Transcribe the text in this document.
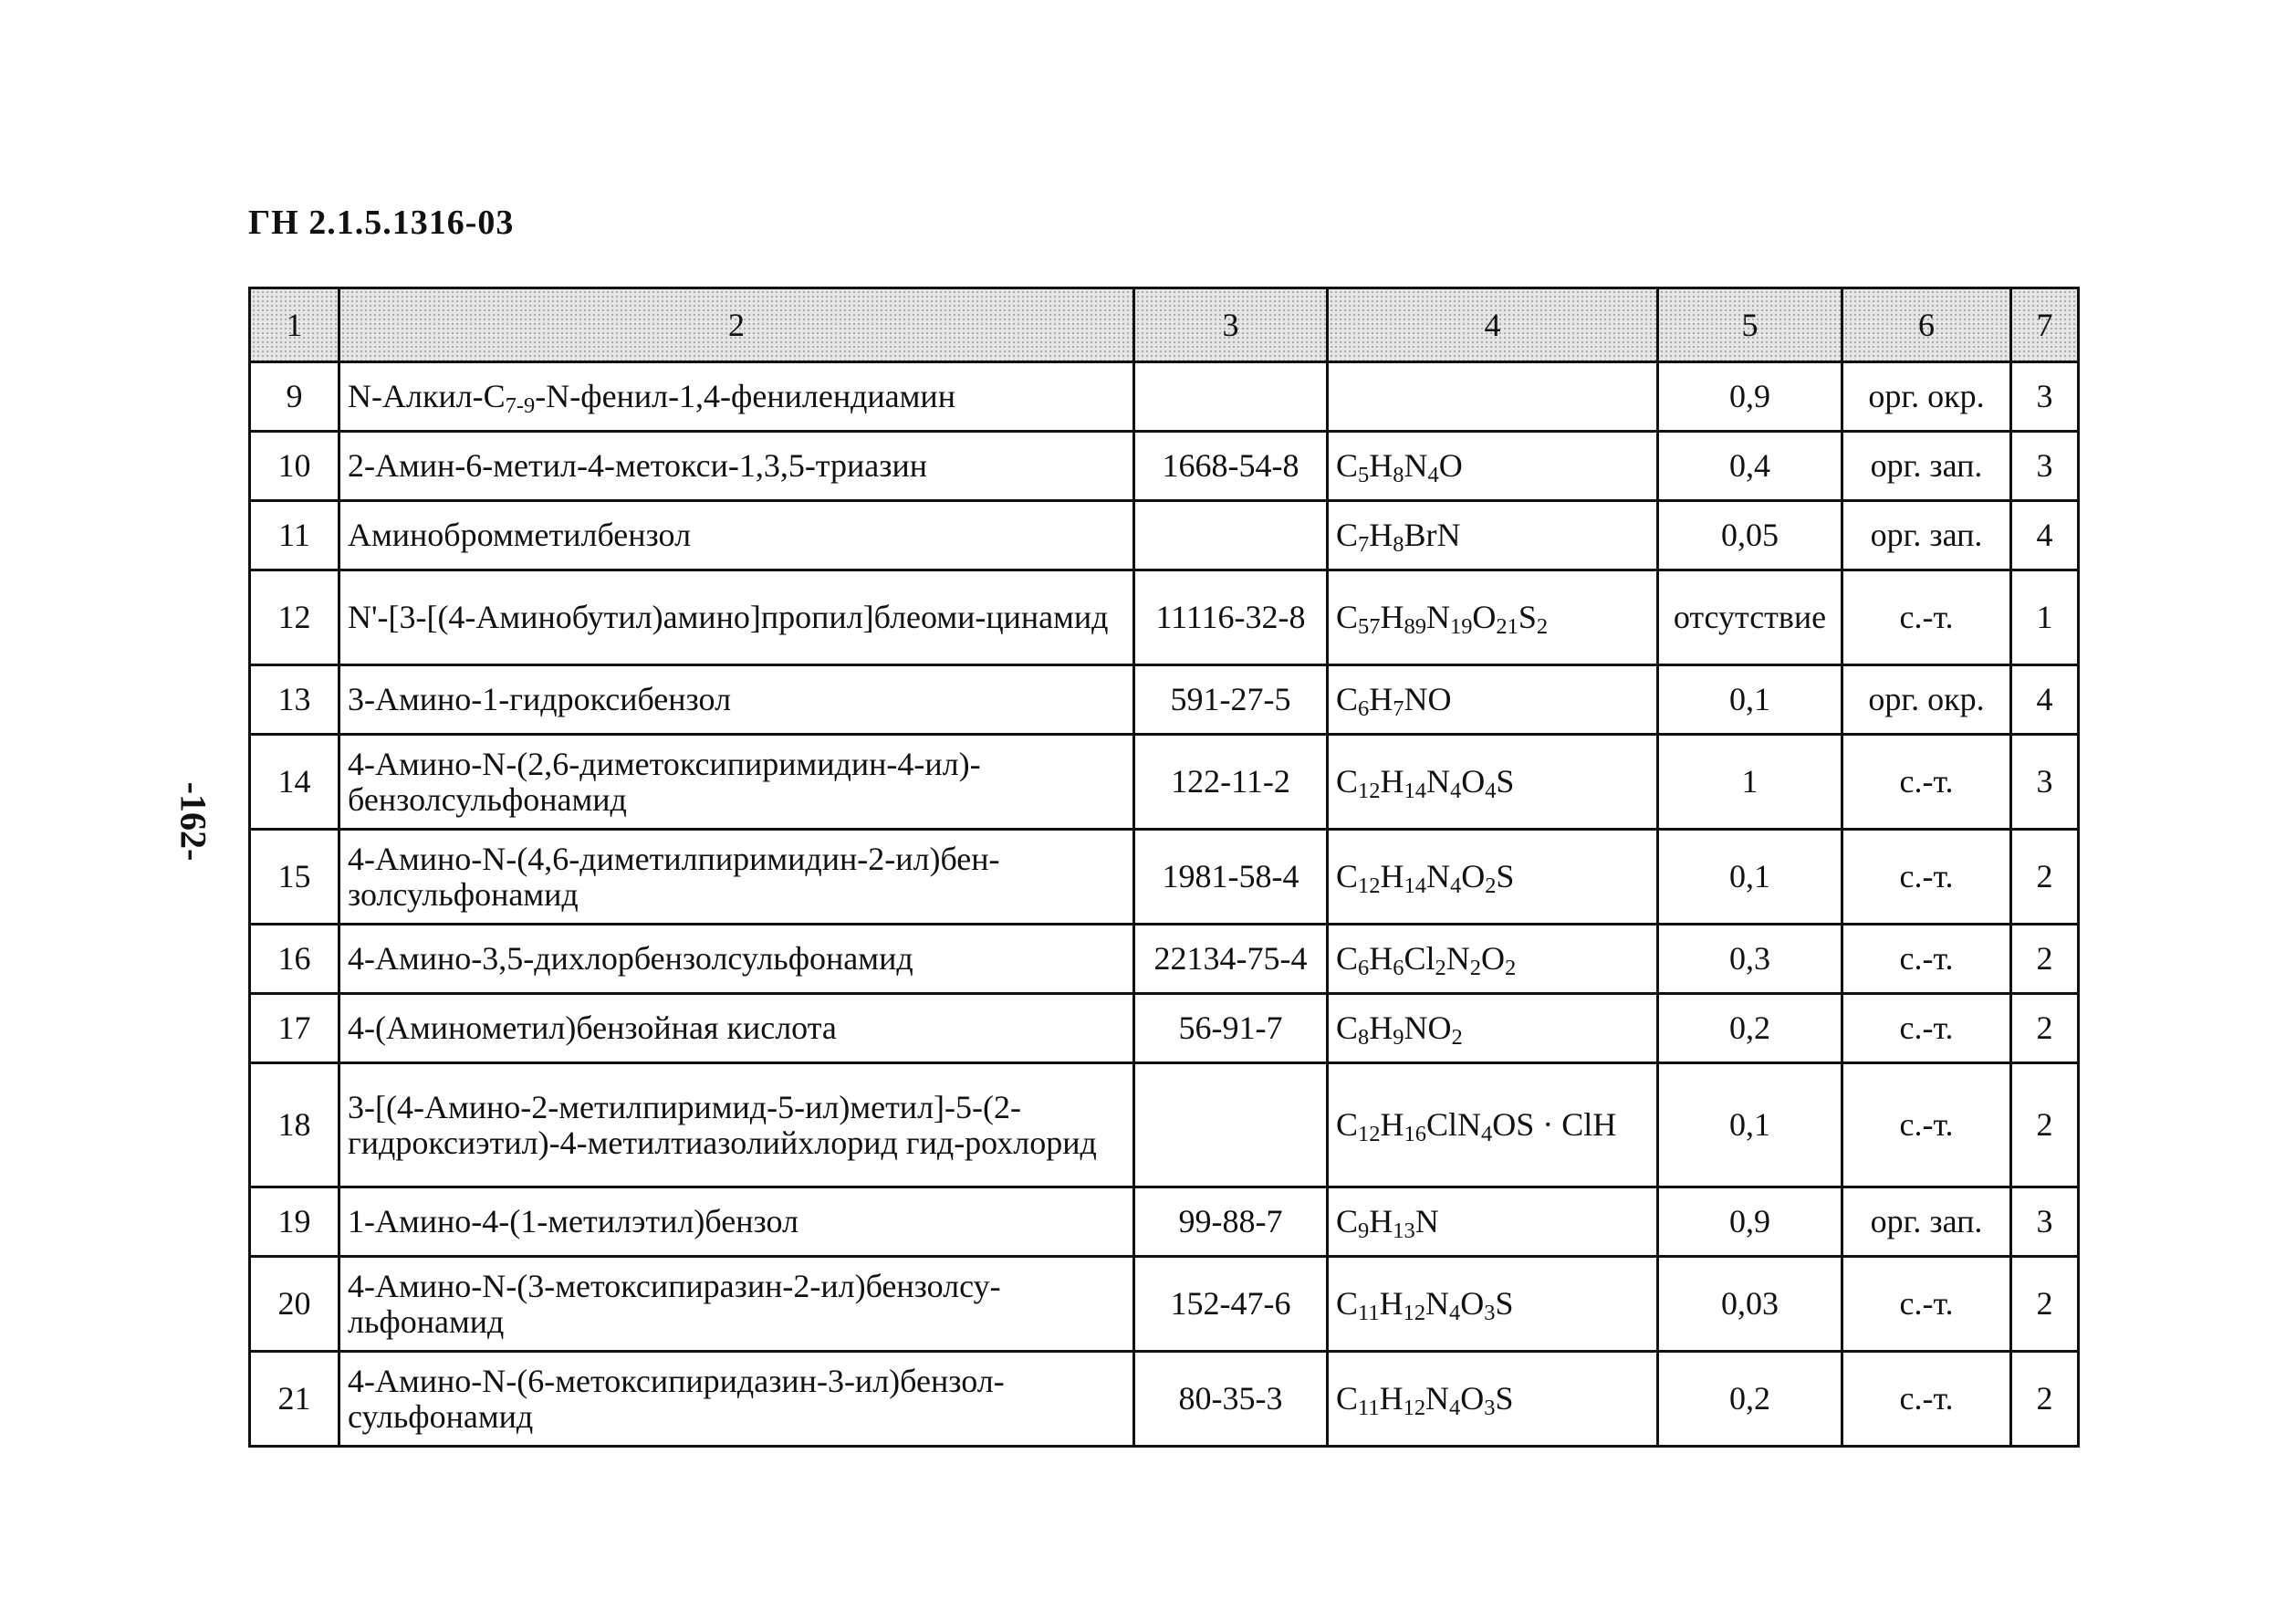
ГН 2.1.5.1316-03
-162-
1	2	3	4	5	6	7
9	$N-Алкил-C_{7-9}-N-фенил-1,4$-фенилендиамин			0,9	орг. окр.	3
10	2-Амин-6-метил-4-метокси-1,3,5-триазин	1668-54-8	$C_5H_8N_4O$	0,4	орг. зап.	3
11	Аминобромметилбензол		$C_7H_8BrN$	0,05	орг. зап.	4
12	N'-[3-[(4-Аминобутил)амино]пропил]блеоми-цинамид	11116-32-8	$C_{57}H_{89}N_{19}O_{21}S_2$	отсутствие	с.-т.	1
13	3-Амино-1-гидроксибензол	591-27-5	$C_6H_7NO$	0,1	орг. окр.	4
14	4-Амино-N-(2,6-диметоксипиримидин-4-ил)-бензолсульфонамид	122-11-2	$C_{12}H_{14}N_4O_4S$	1	с.-т.	3
15	4-Амино-N-(4,6-диметилпиримидин-2-ил)бен-золсульфонамид	1981-58-4	$C_{12}H_{14}N_4O_2S$	0,1	с.-т.	2
16	4-Амино-3,5-дихлорбензолсульфонамид	22134-75-4	$C_6H_6Cl_2N_2O_2$	0,3	с.-т.	2
17	4-(Аминометил)бензойная кислота	56-91-7	$C_8H_9NO_2$	0,2	с.-т.	2
18	3-[(4-Амино-2-метилпиримид-5-ил)метил]-5-(2-гидроксиэтил)-4-метилтиазолийхлорид гид-рохлорид		$C_{12}H_{16}ClN_4OS$ · ClH	0,1	с.-т.	2
19	1-Амино-4-(1-метилэтил)бензол	99-88-7	$C_9H_{13}N$	0,9	орг. зап.	3
20	4-Амино-N-(3-метоксипиразин-2-ил)бензолсу-льфонамид	152-47-6	$C_{11}H_{12}N_4O_3S$	0,03	с.-т.	2
21	4-Амино-N-(6-метоксипиридазин-3-ил)бензол-сульфонамид	80-35-3	$C_{11}H_{12}N_4O_3S$	0,2	с.-т.	2
